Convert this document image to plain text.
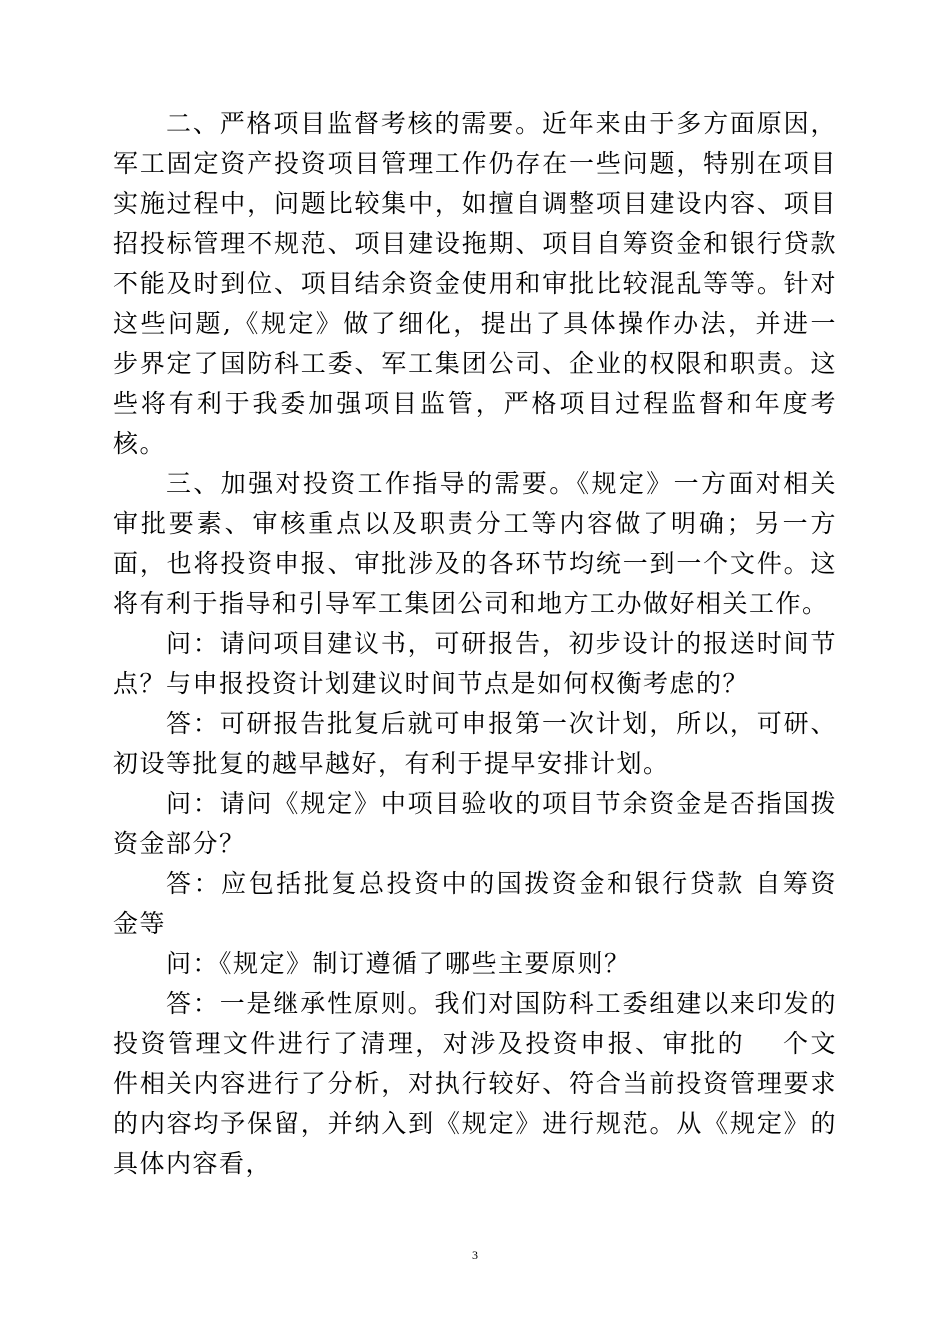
二、严格项目监督考核的需要。近年来由于多方面原因，军工固定资产投资项目管理工作仍存在一些问题，特别在项目实施过程中，问题比较集中，如擅自调整项目建设内容、项目招投标管理不规范、项目建设拖期、项目自筹资金和银行贷款不能及时到位、项目结余资金使用和审批比较混乱等等。针对这些问题,《规定》做了细化，提出了具体操作办法，并进一步界定了国防科工委、军工集团公司、企业的权限和职责。这些将有利于我委加强项目监管，严格项目过程监督和年度考核。

三、加强对投资工作指导的需要。《规定》一方面对相关审批要素、审核重点以及职责分工等内容做了明确；另一方面，也将投资申报、审批涉及的各环节均统一到一个文件。这将有利于指导和引导军工集团公司和地方工办做好相关工作。

问：请问项目建议书，可研报告，初步设计的报送时间节点？与申报投资计划建议时间节点是如何权衡考虑的？

答：可研报告批复后就可申报第一次计划，所以，可研、初设等批复的越早越好，有利于提早安排计划。

问：请问《规定》中项目验收的项目节余资金是否指国拨资金部分？

答：应包括批复总投资中的国拨资金和银行贷款 自筹资金等

问：《规定》制订遵循了哪些主要原则？

答：一是继承性原则。我们对国防科工委组建以来印发的投资管理文件进行了清理，对涉及投资申报、审批的　 个文件相关内容进行了分析，对执行较好、符合当前投资管理要求的内容均予保留，并纳入到《规定》进行规范。从《规定》的具体内容看，

3
